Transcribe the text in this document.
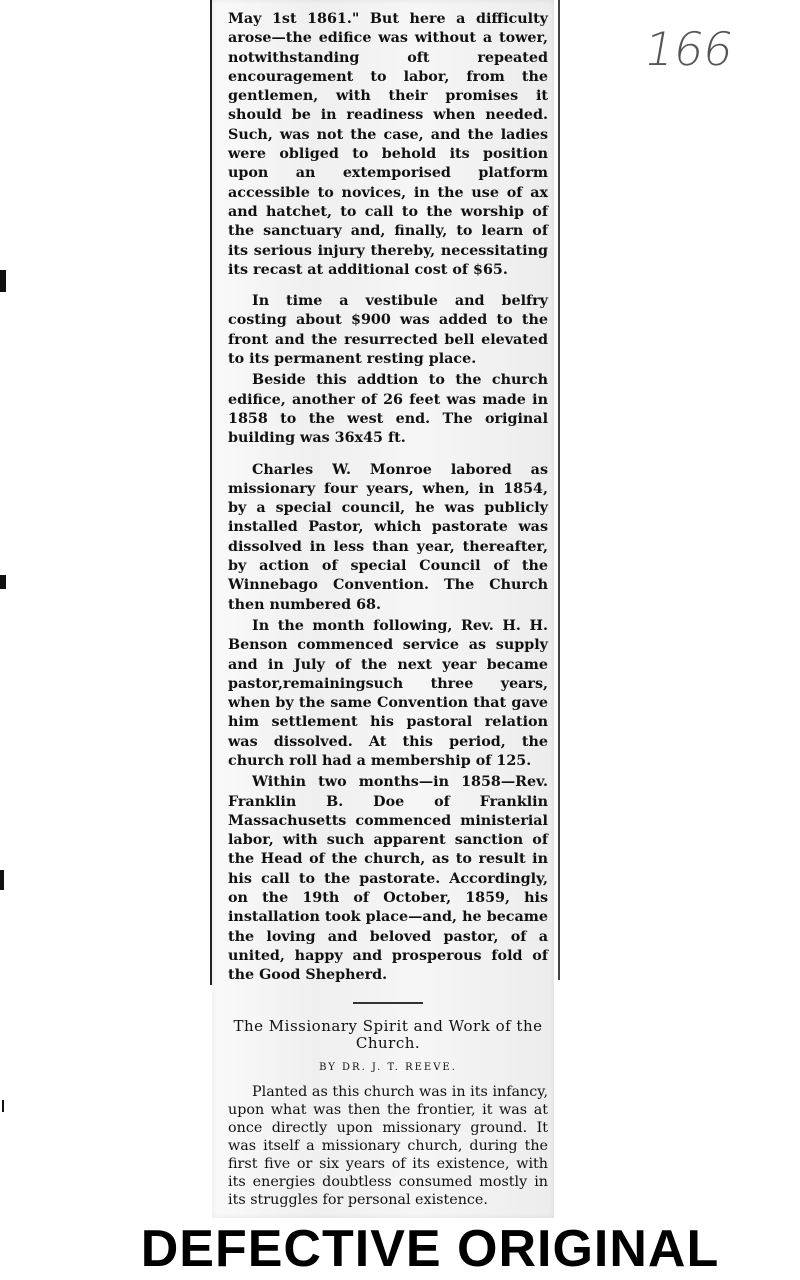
166

May 1st 1861." But here a difficulty arose—the edifice was without a tower, notwithstanding oft repeated encouragement to labor, from the gentlemen, with their promises it should be in readiness when needed. Such, was not the case, and the ladies were obliged to behold its position upon an extemporised platform accessible to novices, in the use of ax and hatchet, to call to the worship of the sanctuary and, finally, to learn of its serious injury thereby, necessitating its recast at additional cost of $65.

In time a vestibule and belfry costing about $900 was added to the front and the resurrected bell elevated to its permanent resting place.

Beside this addtion to the church edifice, another of 26 feet was made in 1858 to the west end. The original building was 36x45 ft.

Charles W. Monroe labored as missionary four years, when, in 1854, by a special council, he was publicly installed Pastor, which pastorate was dissolved in less than year, thereafter, by action of special Council of the Winnebago Convention. The Church then numbered 68.

In the month following, Rev. H. H. Benson commenced service as supply and in July of the next year became pastor,remainingsuch three years, when by the same Convention that gave him settlement his pastoral relation was dissolved. At this period, the church roll had a membership of 125.

Within two months—in 1858—Rev. Franklin B. Doe of Franklin Massachusetts commenced ministerial labor, with such apparent sanction of the Head of the church, as to result in his call to the pastorate. Accordingly, on the 19th of October, 1859, his installation took place—and, he became the loving and beloved pastor, of a united, happy and prosperous fold of the Good Shepherd.

The Missionary Spirit and Work of the Church.

BY DR. J. T. REEVE.

Planted as this church was in its infancy, upon what was then the frontier, it was at once directly upon missionary ground. It was itself a missionary church, during the first five or six years of its existence, with its energies doubtless consumed mostly in its struggles for personal existence.

DEFECTIVE ORIGINAL
